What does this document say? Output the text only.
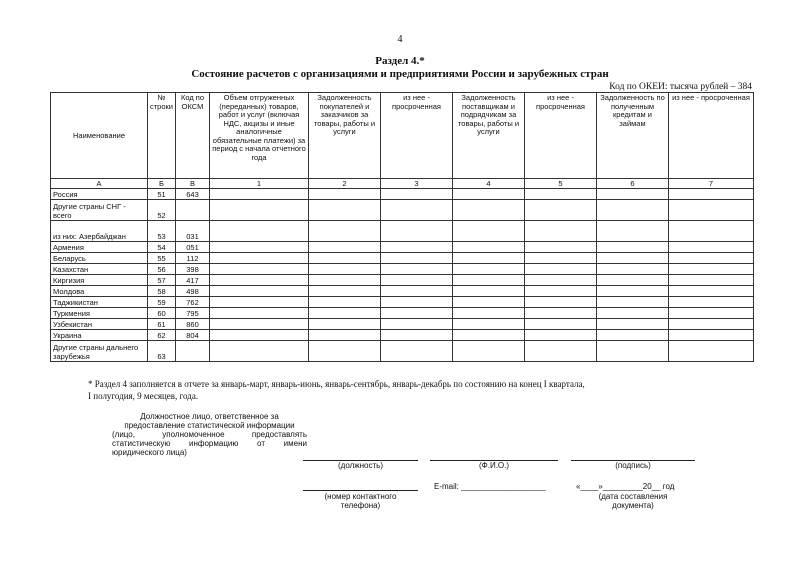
4
Раздел 4.*
Состояние расчетов с организациями и предприятиями России и зарубежных стран
Код по ОКЕИ: тысяча рублей – 384
Наименование	№ строки	Код по ОКСМ	Объем отгруженных (переданных) товаров, работ и услуг (включая НДС, акцизы и иные аналогичные обязательные платежи) за период с начала отчетного года	Задолженность покупателей и заказчиков за товары, работы и услуги	из нее - просроченная	Задолженность поставщикам и подрядчикам за товары, работы и услуги	из нее - просроченная	Задолженность по полученным кредитам и займам	из нее - просроченная
А	Б	В	1	2	3	4	5	6	7
Россия	51	643							
Другие страны СНГ - всего	52								
из них: Азербайджан	53	031							
Армения	54	051							
Беларусь	55	112							
Казахстан	56	398							
Киргизия	57	417							
Молдова	58	498							
Таджикистан	59	762							
Туркмения	60	795							
Узбекистан	61	860							
Украина	62	804							
Другие страны дальнего зарубежья	63								
* Раздел 4 заполняется в отчете за январь-март, январь-июнь, январь-сентябрь, январь-декабрь по состоянию на конец I квартала,
I полугодия, 9 месяцев, года.
Должностное лицо, ответственное за
предоставление статистической информации
(лицо, уполномоченное предоставлять
статистическую информацию от имени
юридического лица)
(должность)	(Ф.И.О.)	(подпись)
(номер контактного
телефона)
E-mail: ___________________	«____»_________20__ год
(дата составления
документа)
